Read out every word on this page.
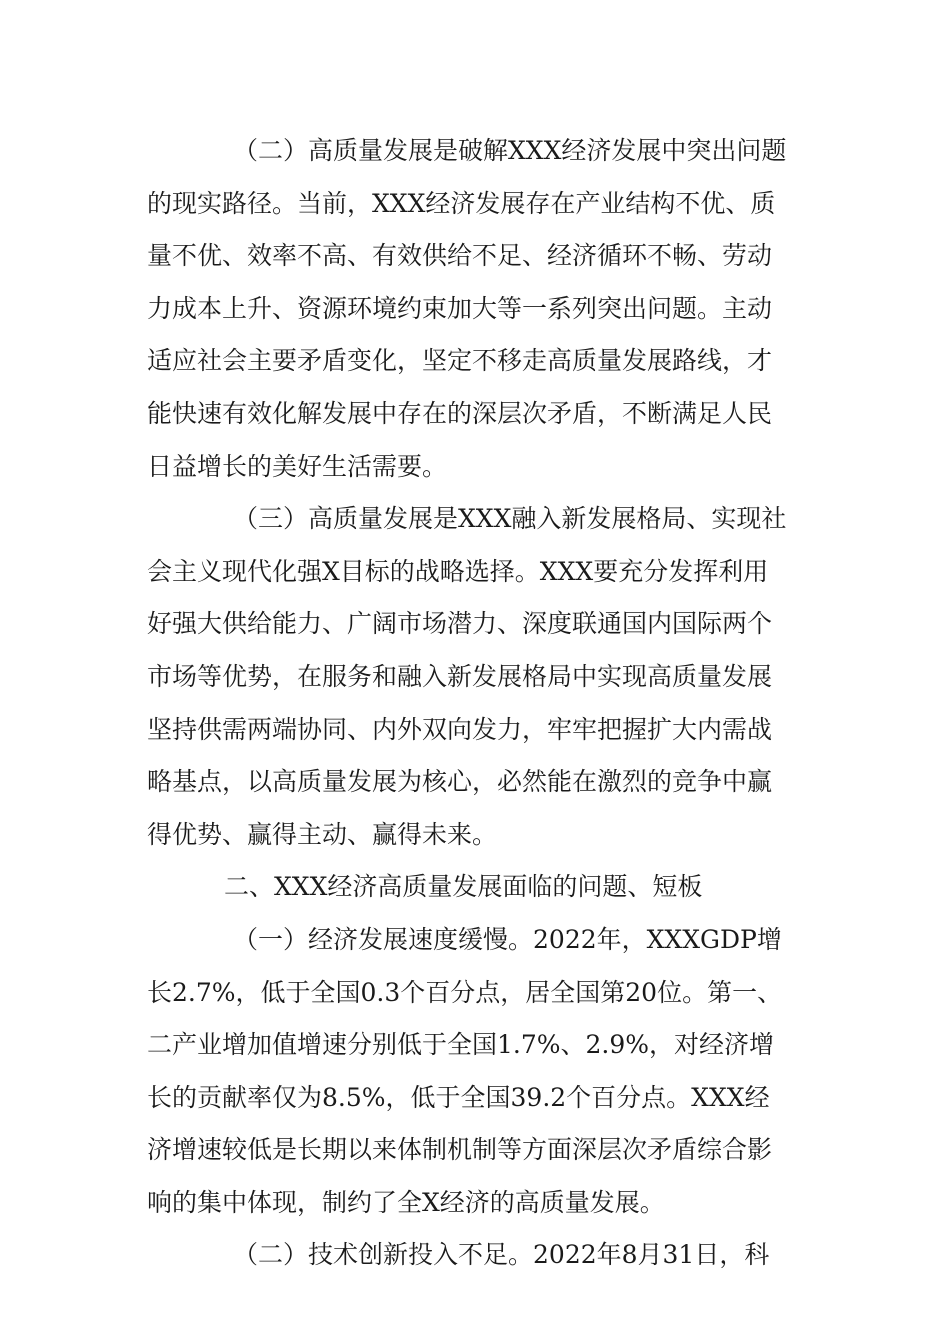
（二）高质量发展是破解XXX经济发展中突出问题
的现实路径。当前，XXX经济发展存在产业结构不优、质
量不优、效率不高、有效供给不足、经济循环不畅、劳动
力成本上升、资源环境约束加大等一系列突出问题。主动
适应社会主要矛盾变化，坚定不移走高质量发展路线，才
能快速有效化解发展中存在的深层次矛盾，不断满足人民
日益增长的美好生活需要。
（三）高质量发展是XXX融入新发展格局、实现社
会主义现代化强X目标的战略选择。XXX要充分发挥利用
好强大供给能力、广阔市场潜力、深度联通国内国际两个
市场等优势，在服务和融入新发展格局中实现高质量发展
坚持供需两端协同、内外双向发力，牢牢把握扩大内需战
略基点，以高质量发展为核心，必然能在激烈的竞争中赢
得优势、赢得主动、赢得未来。
二、XXX经济高质量发展面临的问题、短板
（一）经济发展速度缓慢。2022年，XXXGDP增
长2.7%，低于全国0.3个百分点，居全国第20位。第一、
二产业增加值增速分别低于全国1.7%、2.9%，对经济增
长的贡献率仅为8.5%，低于全国39.2个百分点。XXX经
济增速较低是长期以来体制机制等方面深层次矛盾综合影
响的集中体现，制约了全X经济的高质量发展。
（二）技术创新投入不足。2022年8月31日，科
